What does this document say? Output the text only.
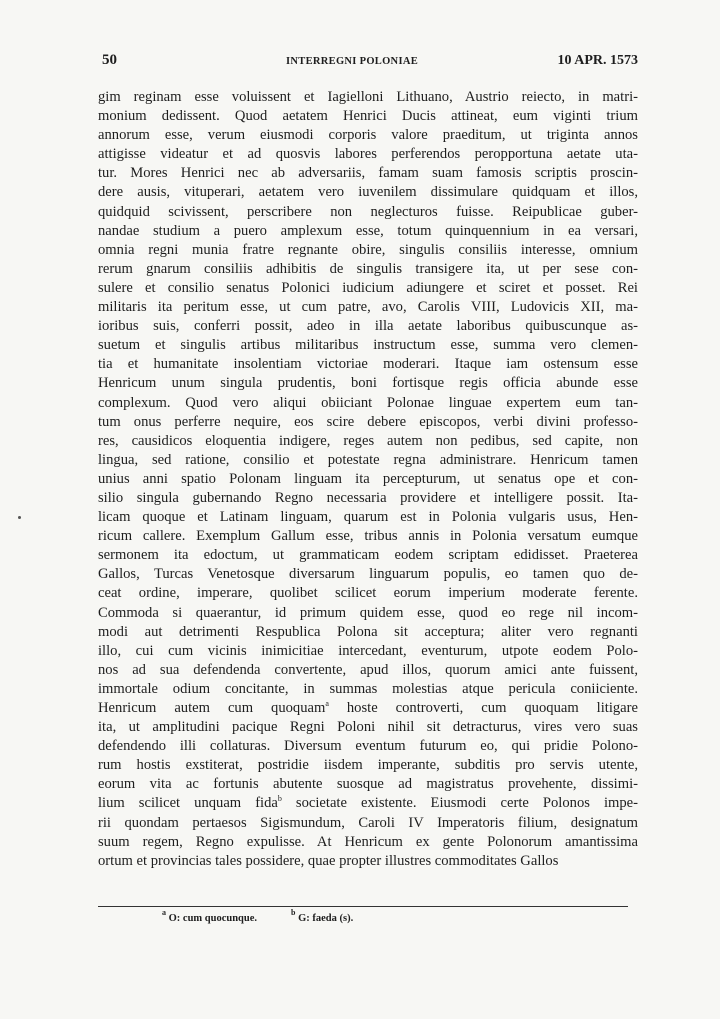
50	INTERREGNI POLONIAE	10 APR. 1573
gim reginam esse voluissent et Iagielloni Lithuano, Austrio reiecto, in matri-
monium dedissent. Quod aetatem Henrici Ducis attineat, eum viginti trium
annorum esse, verum eiusmodi corporis valore praeditum, ut triginta annos
attigisse videatur et ad quosvis labores perferendos peropportuna aetate uta-
tur. Mores Henrici nec ab adversariis, famam suam famosis scriptis proscin-
dere ausis, vituperari, aetatem vero iuvenilem dissimulare quidquam et illos,
quidquid scivissent, perscribere non neglecturos fuisse. Reipublicae guber-
nandae studium a puero amplexum esse, totum quinquennium in ea versari,
omnia regni munia fratre regnante obire, singulis consiliis interesse, omnium
rerum gnarum consiliis adhibitis de singulis transigere ita, ut per sese con-
sulere et consilio senatus Polonici iudicium adiungere et sciret et posset. Rei
militaris ita peritum esse, ut cum patre, avo, Carolis VIII, Ludovicis XII, ma-
ioribus suis, conferri possit, adeo in illa aetate laboribus quibuscunque as-
suetum et singulis artibus militaribus instructum esse, summa vero clemen-
tia et humanitate insolentiam victoriae moderari. Itaque iam ostensum esse
Henricum unum singula prudentis, boni fortisque regis officia abunde esse
complexum. Quod vero aliqui obiiciant Polonae linguae expertem eum tan-
tum onus perferre nequire, eos scire debere episcopos, verbi divini professo-
res, causidicos eloquentia indigere, reges autem non pedibus, sed capite, non
lingua, sed ratione, consilio et potestate regna administrare. Henricum tamen
unius anni spatio Polonam linguam ita percepturum, ut senatus ope et con-
silio singula gubernando Regno necessaria providere et intelligere possit. Ita-
licam quoque et Latinam linguam, quarum est in Polonia vulgaris usus, Hen-
ricum callere. Exemplum Gallum esse, tribus annis in Polonia versatum eumque
sermonem ita edoctum, ut grammaticam eodem scriptam edidisset. Praeterea
Gallos, Turcas Venetosque diversarum linguarum populis, eo tamen quo de-
ceat ordine, imperare, quolibet scilicet eorum imperium moderate ferente.
Commoda si quaerantur, id primum quidem esse, quod eo rege nil incom-
modi aut detrimenti Respublica Polona sit acceptura; aliter vero regnanti
illo, cui cum vicinis inimicitiae intercedant, eventurum, utpote eodem Polo-
nos ad sua defendenda convertente, apud illos, quorum amici ante fuissent,
immortale odium concitante, in summas molestias atque pericula coniiciente.
Henricum autem cum quoquam$^a$ hoste controverti, cum quoquam litigare
ita, ut amplitudini pacique Regni Poloni nihil sit detracturus, vires vero suas
defendendo illi collaturas. Diversum eventum futurum eo, qui pridie Polono-
rum hostis exstiterat, postridie iisdem imperante, subditis pro servis utente,
eorum vita ac fortunis abutente suosque ad magistratus provehente, dissimi-
lium scilicet unquam fida$^b$ societate existente. Eiusmodi certe Polonos impe-
rii quondam pertaesos Sigismundum, Caroli IV Imperatoris filium, designatum
suum regem, Regno expulisse. At Henricum ex gente Polonorum amantissima
ortum et provincias tales possidere, quae propter illustres commoditates Gallos
$^a$ O: cum quocunque.$^b$ G: faeda (s).
